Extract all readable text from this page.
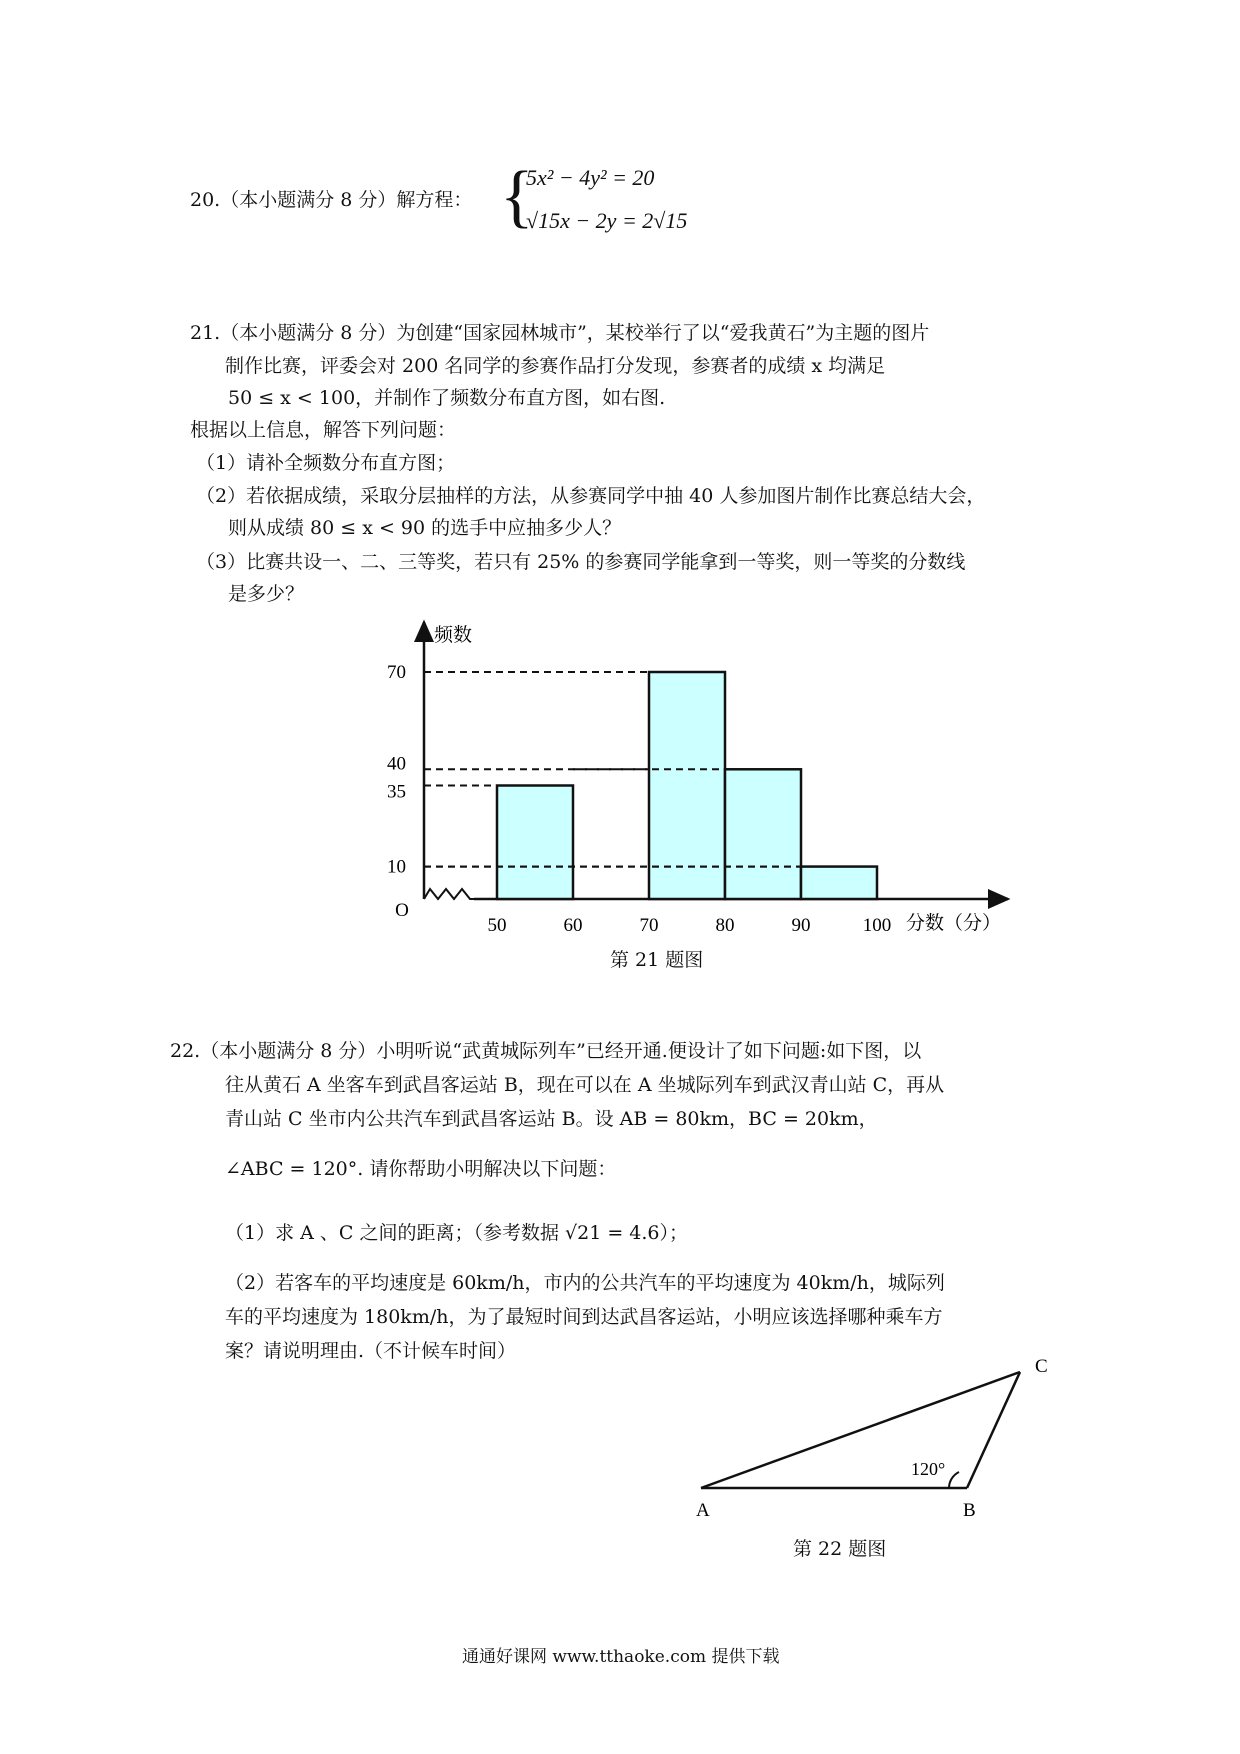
20.（本小题满分 8 分）解方程： {
5x² − 4y² = 20
√15x − 2y = 2√15
21.（本小题满分 8 分）为创建“国家园林城市”，某校举行了以“爱我黄石”为主题的图片
制作比赛，评委会对 200 名同学的参赛作品打分发现，参赛者的成绩 x 均满足
50 ≤ x < 100，并制作了频数分布直方图，如右图.
根据以上信息，解答下列问题：
（1）请补全频数分布直方图；
（2）若依据成绩，采取分层抽样的方法，从参赛同学中抽 40 人参加图片制作比赛总结大会，
则从成绩 80 ≤ x < 90 的选手中应抽多少人？
（3）比赛共设一、二、三等奖，若只有 25% 的参赛同学能拿到一等奖，则一等奖的分数线
是多少？
10
35
40
70
50	60	70	80	90	100
O
频数
分数（分）
第 21 题图
22.（本小题满分 8 分）小明听说“武黄城际列车”已经开通.便设计了如下问题:如下图，以
往从黄石 A 坐客车到武昌客运站 B，现在可以在 A 坐城际列车到武汉青山站 C，再从
青山站 C 坐市内公共汽车到武昌客运站 B。设 AB = 80km，BC = 20km，
∠ABC = 120°. 请你帮助小明解决以下问题：
（1）求 A 、C 之间的距离；（参考数据 √21 = 4.6）；
（2）若客车的平均速度是 60km/h，市内的公共汽车的平均速度为 40km/h，城际列
车的平均速度为 180km/h，为了最短时间到达武昌客运站，小明应该选择哪种乘车方
案？请说明理由.（不计候车时间）
A	B
C
120°
第 22 题图
通通好课网 www.tthaoke.com 提供下载
